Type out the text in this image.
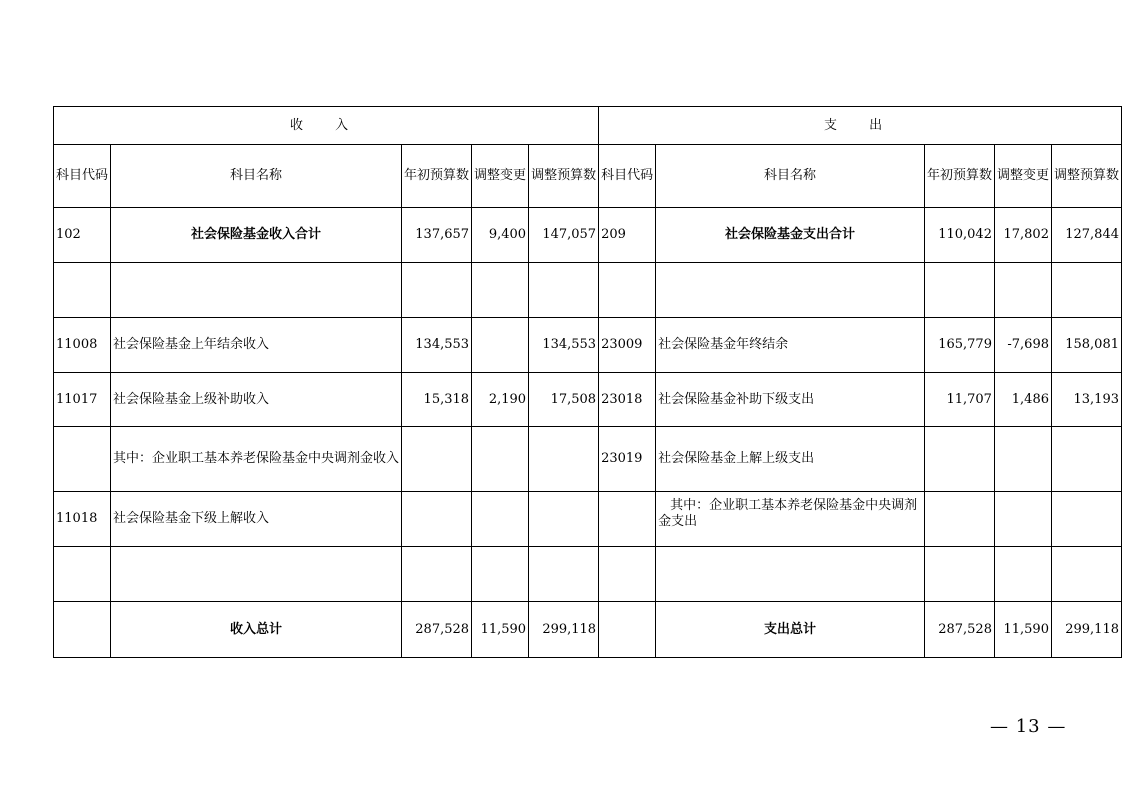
收 入					支 出				
科目代码	科目名称	年初预算数	调整变更	调整预算数	科目代码	科目名称	年初预算数	调整变更	调整预算数
102	社会保险基金收入合计	137,657	9,400	147,057	209	社会保险基金支出合计	110,042	17,802	127,844

11008	社会保险基金上年结余收入	134,553		134,553	23009	社会保险基金年终结余	165,779	-7,698	158,081
11017	社会保险基金上级补助收入	15,318	2,190	17,508	23018	社会保险基金补助下级支出	11,707	1,486	13,193
	其中：企业职工基本养老保险基金中央调剂金收入				23019	社会保险基金上解上级支出			
11018	社会保险基金下级上解收入					其中：企业职工基本养老保险基金中央调剂金支出			

	收入总计	287,528	11,590	299,118		支出总计	287,528	11,590	299,118
— 13 —
